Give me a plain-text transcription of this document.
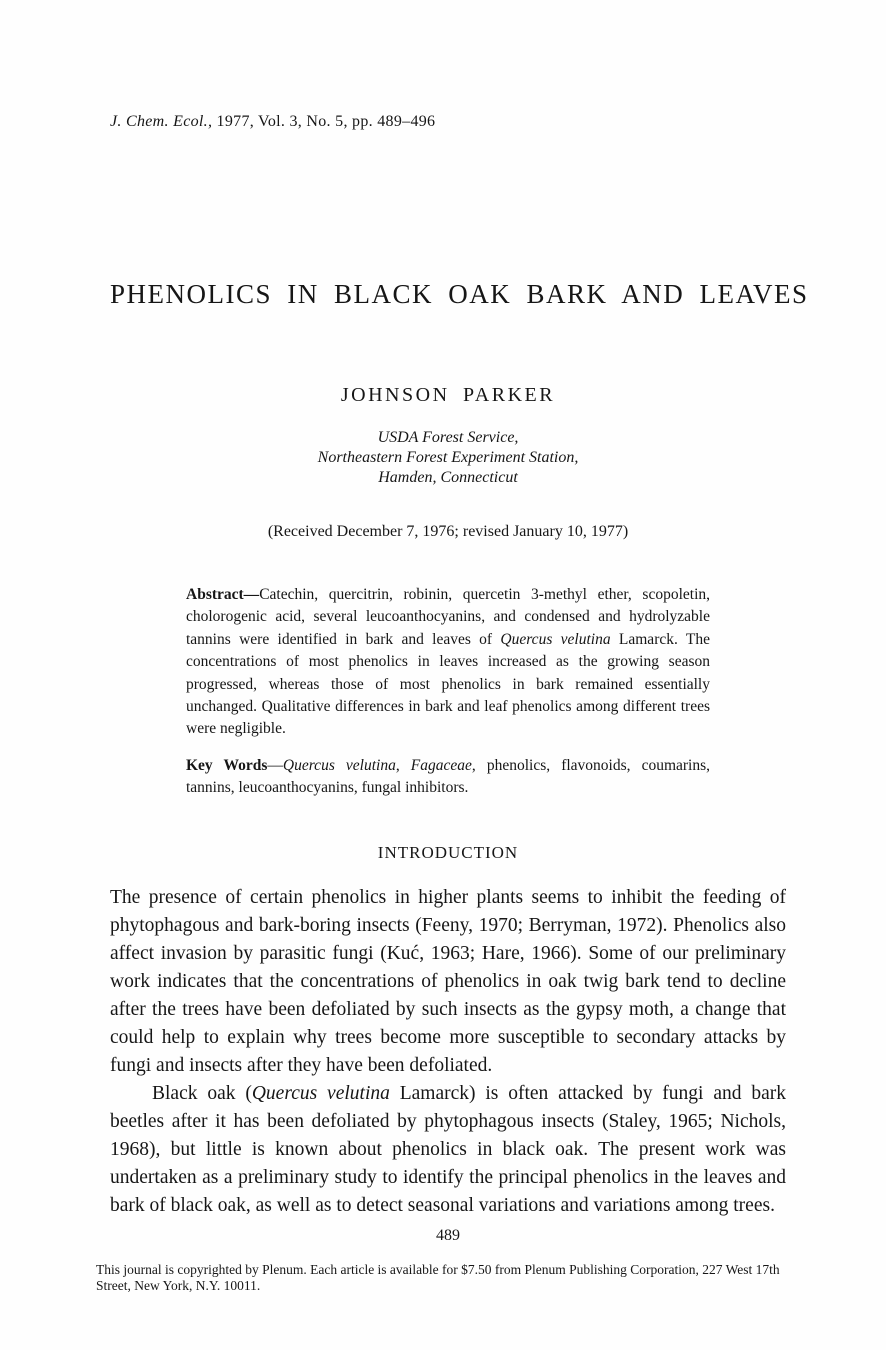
J. Chem. Ecol., 1977, Vol. 3, No. 5, pp. 489–496
PHENOLICS IN BLACK OAK BARK AND LEAVES
JOHNSON PARKER
USDA Forest Service,
Northeastern Forest Experiment Station,
Hamden, Connecticut
(Received December 7, 1976; revised January 10, 1977)
Abstract—Catechin, quercitrin, robinin, quercetin 3-methyl ether, scopoletin, cholorogenic acid, several leucoanthocyanins, and condensed and hydrolyzable tannins were identified in bark and leaves of Quercus velutina Lamarck. The concentrations of most phenolics in leaves increased as the growing season progressed, whereas those of most phenolics in bark remained essentially unchanged. Qualitative differences in bark and leaf phenolics among different trees were negligible.
Key Words—Quercus velutina, Fagaceae, phenolics, flavonoids, coumarins, tannins, leucoanthocyanins, fungal inhibitors.
INTRODUCTION

The presence of certain phenolics in higher plants seems to inhibit the feeding of phytophagous and bark-boring insects (Feeny, 1970; Berryman, 1972). Phenolics also affect invasion by parasitic fungi (Kuć, 1963; Hare, 1966). Some of our preliminary work indicates that the concentrations of phenolics in oak twig bark tend to decline after the trees have been defoliated by such insects as the gypsy moth, a change that could help to explain why trees become more susceptible to secondary attacks by fungi and insects after they have been defoliated.

Black oak (Quercus velutina Lamarck) is often attacked by fungi and bark beetles after it has been defoliated by phytophagous insects (Staley, 1965; Nichols, 1968), but little is known about phenolics in black oak. The present work was undertaken as a preliminary study to identify the principal phenolics in the leaves and bark of black oak, as well as to detect seasonal variations and variations among trees.

489
This journal is copyrighted by Plenum. Each article is available for $7.50 from Plenum Publishing Corporation, 227 West 17th Street, New York, N.Y. 10011.
